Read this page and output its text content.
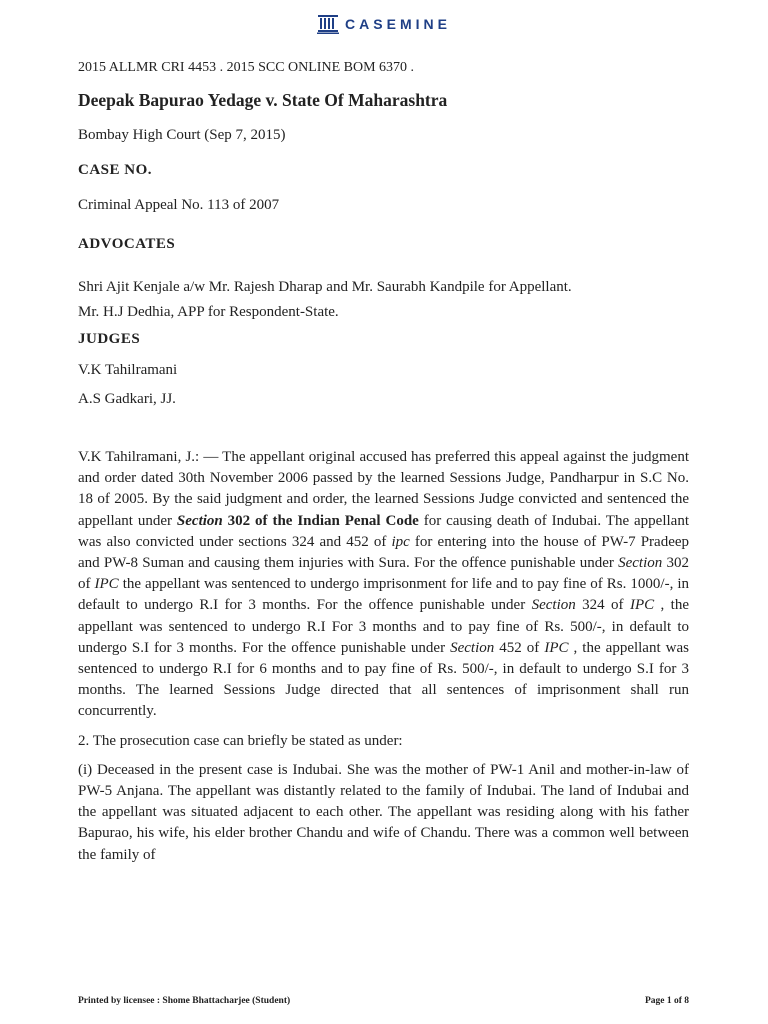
CASEMINE

2015 ALLMR CRI 4453 . 2015 SCC ONLINE BOM 6370 .

Deepak Bapurao Yedage v. State Of Maharashtra

Bombay High Court (Sep 7, 2015)

CASE NO.

Criminal Appeal No. 113 of 2007

ADVOCATES

Shri Ajit Kenjale a/w Mr. Rajesh Dharap and Mr. Saurabh Kandpile for Appellant.

Mr. H.J Dedhia, APP for Respondent-State.

JUDGES

V.K Tahilramani

A.S Gadkari, JJ.

V.K Tahilramani, J.: — The appellant original accused has preferred this appeal against the judgment and order dated 30th November 2006 passed by the learned Sessions Judge, Pandharpur in S.C No. 18 of 2005. By the said judgment and order, the learned Sessions Judge convicted and sentenced the appellant under Section 302 of the Indian Penal Code for causing death of Indubai. The appellant was also convicted under sections 324 and 452 of ipc for entering into the house of PW-7 Pradeep and PW-8 Suman and causing them injuries with Sura. For the offence punishable under Section 302 of IPC the appellant was sentenced to undergo imprisonment for life and to pay fine of Rs. 1000/-, in default to undergo R.I for 3 months. For the offence punishable under Section 324 of IPC , the appellant was sentenced to undergo R.I For 3 months and to pay fine of Rs. 500/-, in default to undergo S.I for 3 months. For the offence punishable under Section 452 of IPC , the appellant was sentenced to undergo R.I for 6 months and to pay fine of Rs. 500/-, in default to undergo S.I for 3 months. The learned Sessions Judge directed that all sentences of imprisonment shall run concurrently.

2. The prosecution case can briefly be stated as under:

(i) Deceased in the present case is Indubai. She was the mother of PW-1 Anil and mother-in-law of PW-5 Anjana. The appellant was distantly related to the family of Indubai. The land of Indubai and the appellant was situated adjacent to each other. The appellant was residing along with his father Bapurao, his wife, his elder brother Chandu and wife of Chandu. There was a common well between the family of

Printed by licensee : Shome Bhattacharjee (Student)	Page 1 of 8
